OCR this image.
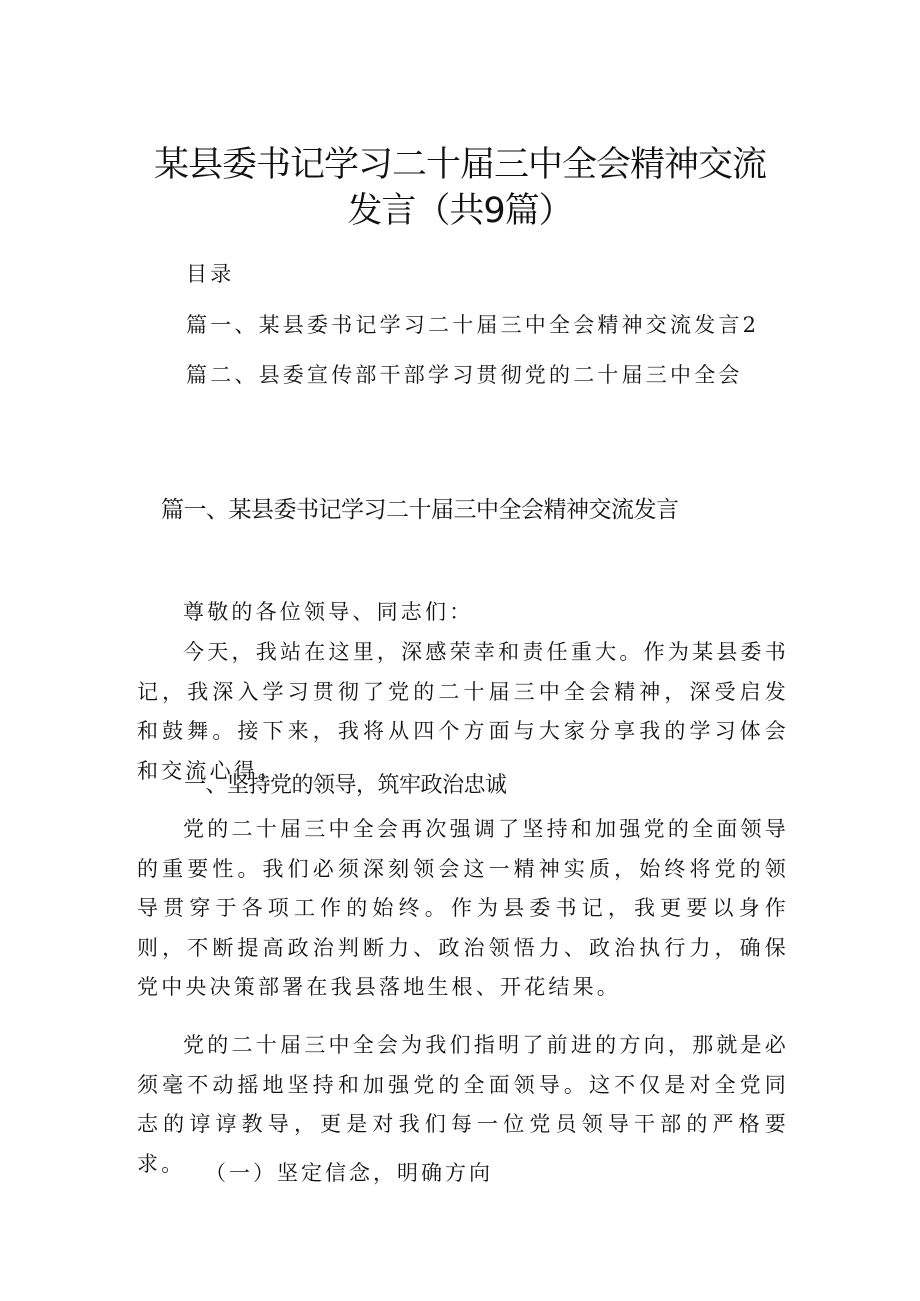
某县委书记学习二十届三中全会精神交流
发言（共9篇）
目录
篇一、某县委书记学习二十届三中全会精神交流发言2
篇二、县委宣传部干部学习贯彻党的二十届三中全会
篇一、某县委书记学习二十届三中全会精神交流发言

尊敬的各位领导、同志们：

今天，我站在这里，深感荣幸和责任重大。作为某县委书记，我深入学习贯彻了党的二十届三中全会精神，深受启发和鼓舞。接下来，我将从四个方面与大家分享我的学习体会和交流心得。

一、坚持党的领导，筑牢政治忠诚

党的二十届三中全会再次强调了坚持和加强党的全面领导的重要性。我们必须深刻领会这一精神实质，始终将党的领导贯穿于各项工作的始终。作为县委书记，我更要以身作则，不断提高政治判断力、政治领悟力、政治执行力，确保党中央决策部署在我县落地生根、开花结果。

党的二十届三中全会为我们指明了前进的方向，那就是必须毫不动摇地坚持和加强党的全面领导。这不仅是对全党同志的谆谆教导，更是对我们每一位党员领导干部的严格要求。 （一）坚定信念，明确方向
